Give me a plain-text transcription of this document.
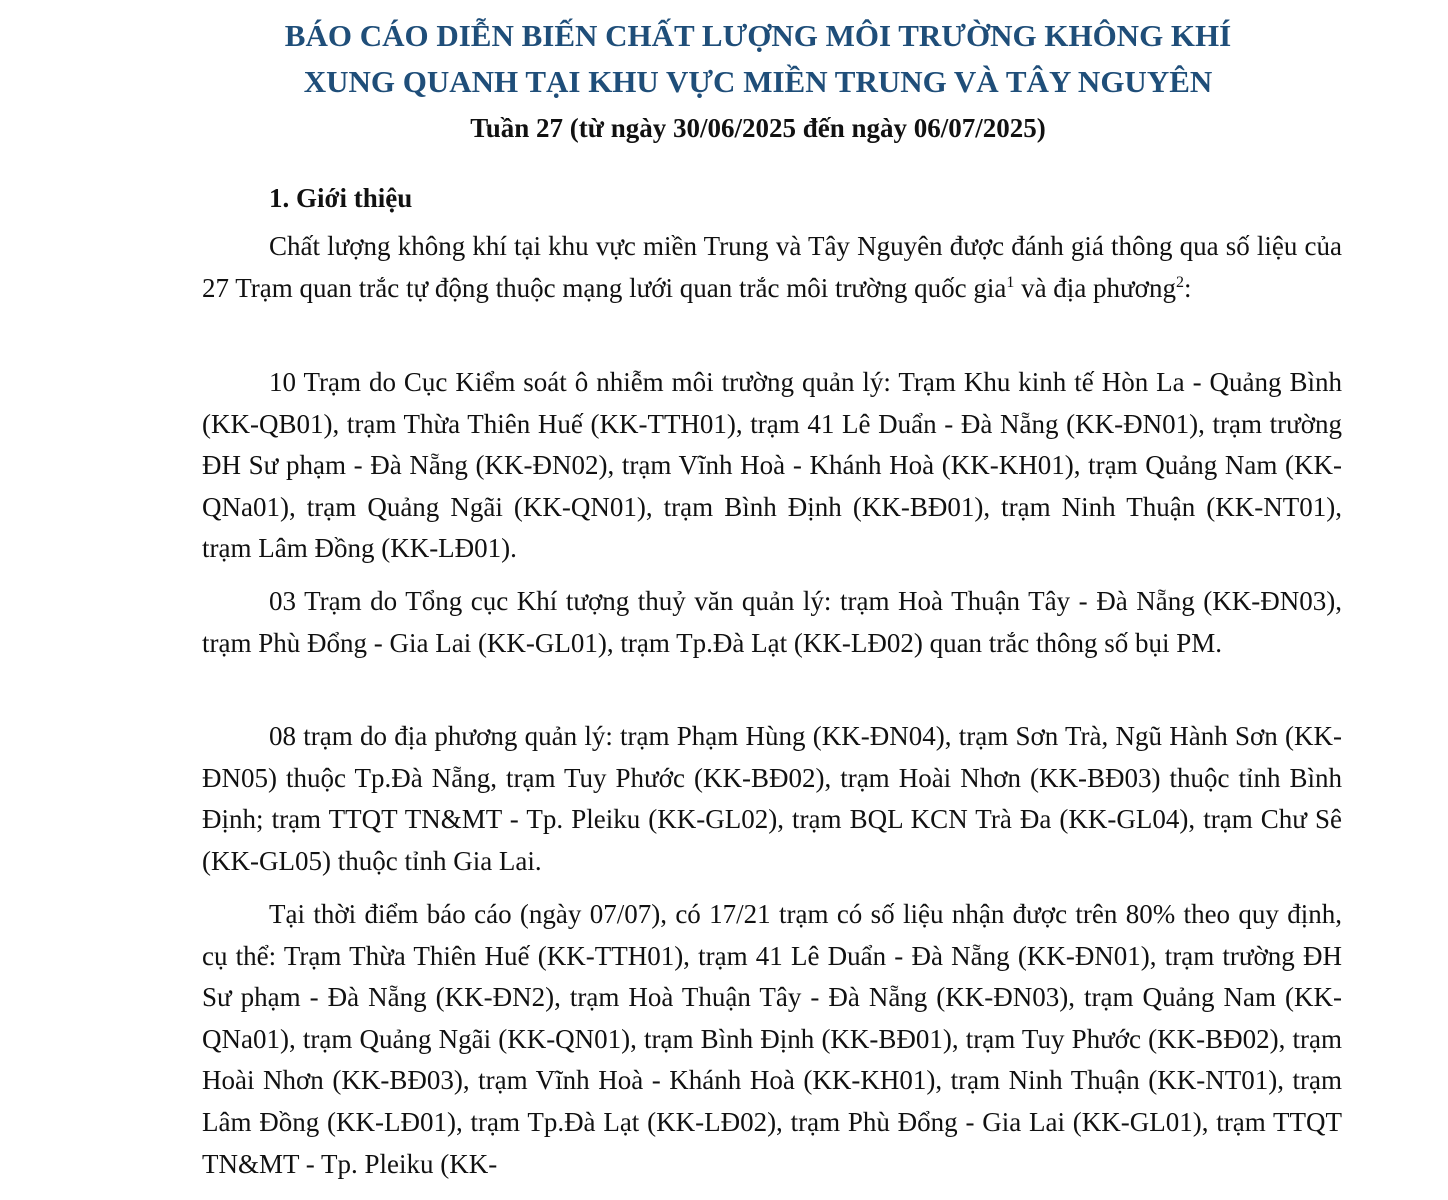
BÁO CÁO DIỄN BIẾN CHẤT LƯỢNG MÔI TRƯỜNG KHÔNG KHÍ
XUNG QUANH TẠI KHU VỰC MIỀN TRUNG VÀ TÂY NGUYÊN
Tuần 27 (từ ngày 30/06/2025 đến ngày 06/07/2025)
1. Giới thiệu
Chất lượng không khí tại khu vực miền Trung và Tây Nguyên được đánh giá thông qua số liệu của 27 Trạm quan trắc tự động thuộc mạng lưới quan trắc môi trường quốc gia$^1$ và địa phương$^2$:
10 Trạm do Cục Kiểm soát ô nhiễm môi trường quản lý: Trạm Khu kinh tế Hòn La - Quảng Bình (KK-QB01), trạm Thừa Thiên Huế (KK-TTH01), trạm 41 Lê Duẩn - Đà Nẵng (KK-ĐN01), trạm trường ĐH Sư phạm - Đà Nẵng (KK-ĐN02), trạm Vĩnh Hoà - Khánh Hoà (KK-KH01), trạm Quảng Nam (KK-QNa01), trạm Quảng Ngãi (KK-QN01), trạm Bình Định (KK-BĐ01), trạm Ninh Thuận (KK-NT01), trạm Lâm Đồng (KK-LĐ01).
03 Trạm do Tổng cục Khí tượng thuỷ văn quản lý: trạm Hoà Thuận Tây - Đà Nẵng (KK-ĐN03), trạm Phù Đổng - Gia Lai (KK-GL01), trạm Tp.Đà Lạt (KK-LĐ02) quan trắc thông số bụi PM.
08 trạm do địa phương quản lý: trạm Phạm Hùng (KK-ĐN04), trạm Sơn Trà, Ngũ Hành Sơn (KK-ĐN05) thuộc Tp.Đà Nẵng, trạm Tuy Phước (KK-BĐ02), trạm Hoài Nhơn (KK-BĐ03) thuộc tỉnh Bình Định; trạm TTQT TN&MT - Tp. Pleiku (KK-GL02), trạm BQL KCN Trà Đa (KK-GL04), trạm Chư Sê (KK-GL05) thuộc tỉnh Gia Lai.
Tại thời điểm báo cáo (ngày 07/07), có 17/21 trạm có số liệu nhận được trên 80% theo quy định, cụ thể: Trạm Thừa Thiên Huế (KK-TTH01), trạm 41 Lê Duẩn - Đà Nẵng (KK-ĐN01), trạm trường ĐH Sư phạm - Đà Nẵng (KK-ĐN2), trạm Hoà Thuận Tây - Đà Nẵng (KK-ĐN03), trạm Quảng Nam (KK-QNa01), trạm Quảng Ngãi (KK-QN01), trạm Bình Định (KK-BĐ01), trạm Tuy Phước (KK-BĐ02), trạm Hoài Nhơn (KK-BĐ03), trạm Vĩnh Hoà - Khánh Hoà (KK-KH01), trạm Ninh Thuận (KK-NT01), trạm Lâm Đồng (KK-LĐ01), trạm Tp.Đà Lạt (KK-LĐ02), trạm Phù Đổng - Gia Lai (KK-GL01), trạm TTQT TN&MT - Tp. Pleiku (KK-
